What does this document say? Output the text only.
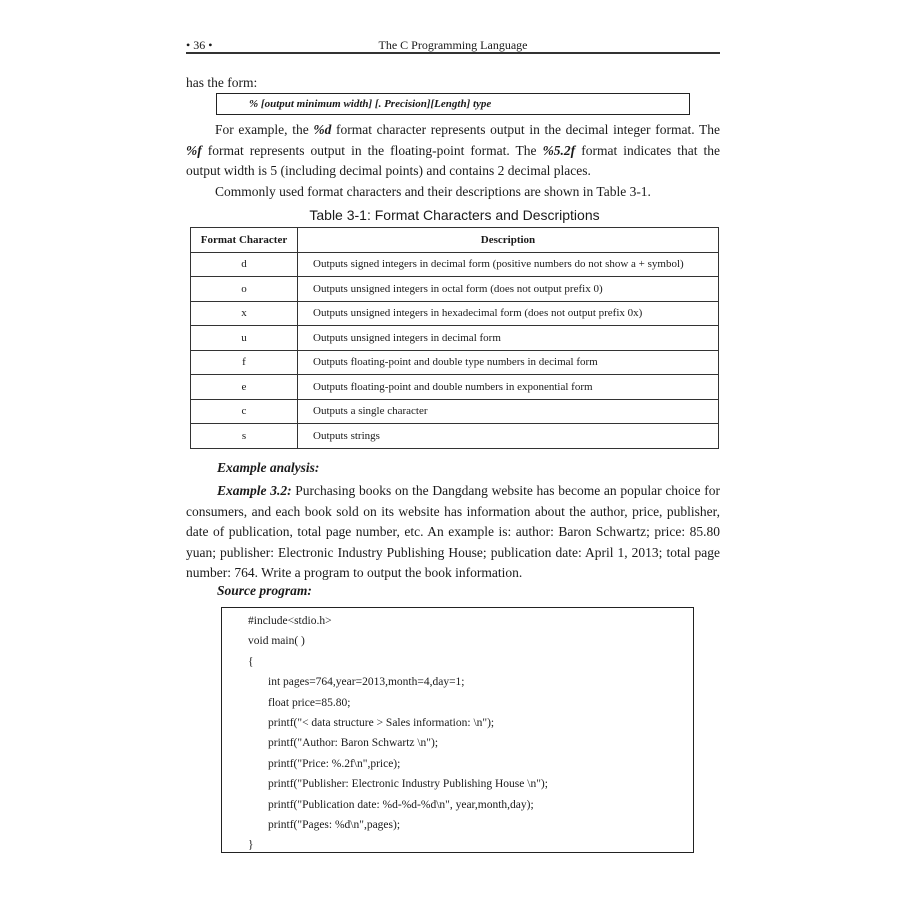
• 36 •	The C Programming Language
has the form:
% [output minimum width] [. Precision][Length] type
For example, the %d format character represents output in the decimal integer format. The %f format represents output in the floating-point format. The %5.2f format indicates that the output width is 5 (including decimal points) and contains 2 decimal places.
Commonly used format characters and their descriptions are shown in Table 3-1.
Table 3-1: Format Characters and Descriptions
Format Character	Description
d	Outputs signed integers in decimal form (positive numbers do not show a + symbol)
o	Outputs unsigned integers in octal form (does not output prefix 0)
x	Outputs unsigned integers in hexadecimal form (does not output prefix 0x)
u	Outputs unsigned integers in decimal form
f	Outputs floating-point and double type numbers in decimal form
e	Outputs floating-point and double numbers in exponential form
c	Outputs a single character
s	Outputs strings
Example analysis:
Example 3.2: Purchasing books on the Dangdang website has become an popular choice for consumers, and each book sold on its website has information about the author, price, publisher, date of publication, total page number, etc. An example is: author: Baron Schwartz; price: 85.80 yuan; publisher: Electronic Industry Publishing House; publication date: April 1, 2013; total page number: 764. Write a program to output the book information.
Source program:
#include<stdio.h>
void main( )
{
int pages=764,year=2013,month=4,day=1;
float price=85.80;
printf("< data structure > Sales information: \n");
printf("Author: Baron Schwartz \n");
printf("Price: %.2f\n",price);
printf("Publisher: Electronic Industry Publishing House \n");
printf("Publication date: %d-%d-%d\n", year,month,day);
printf("Pages: %d\n",pages);
}
